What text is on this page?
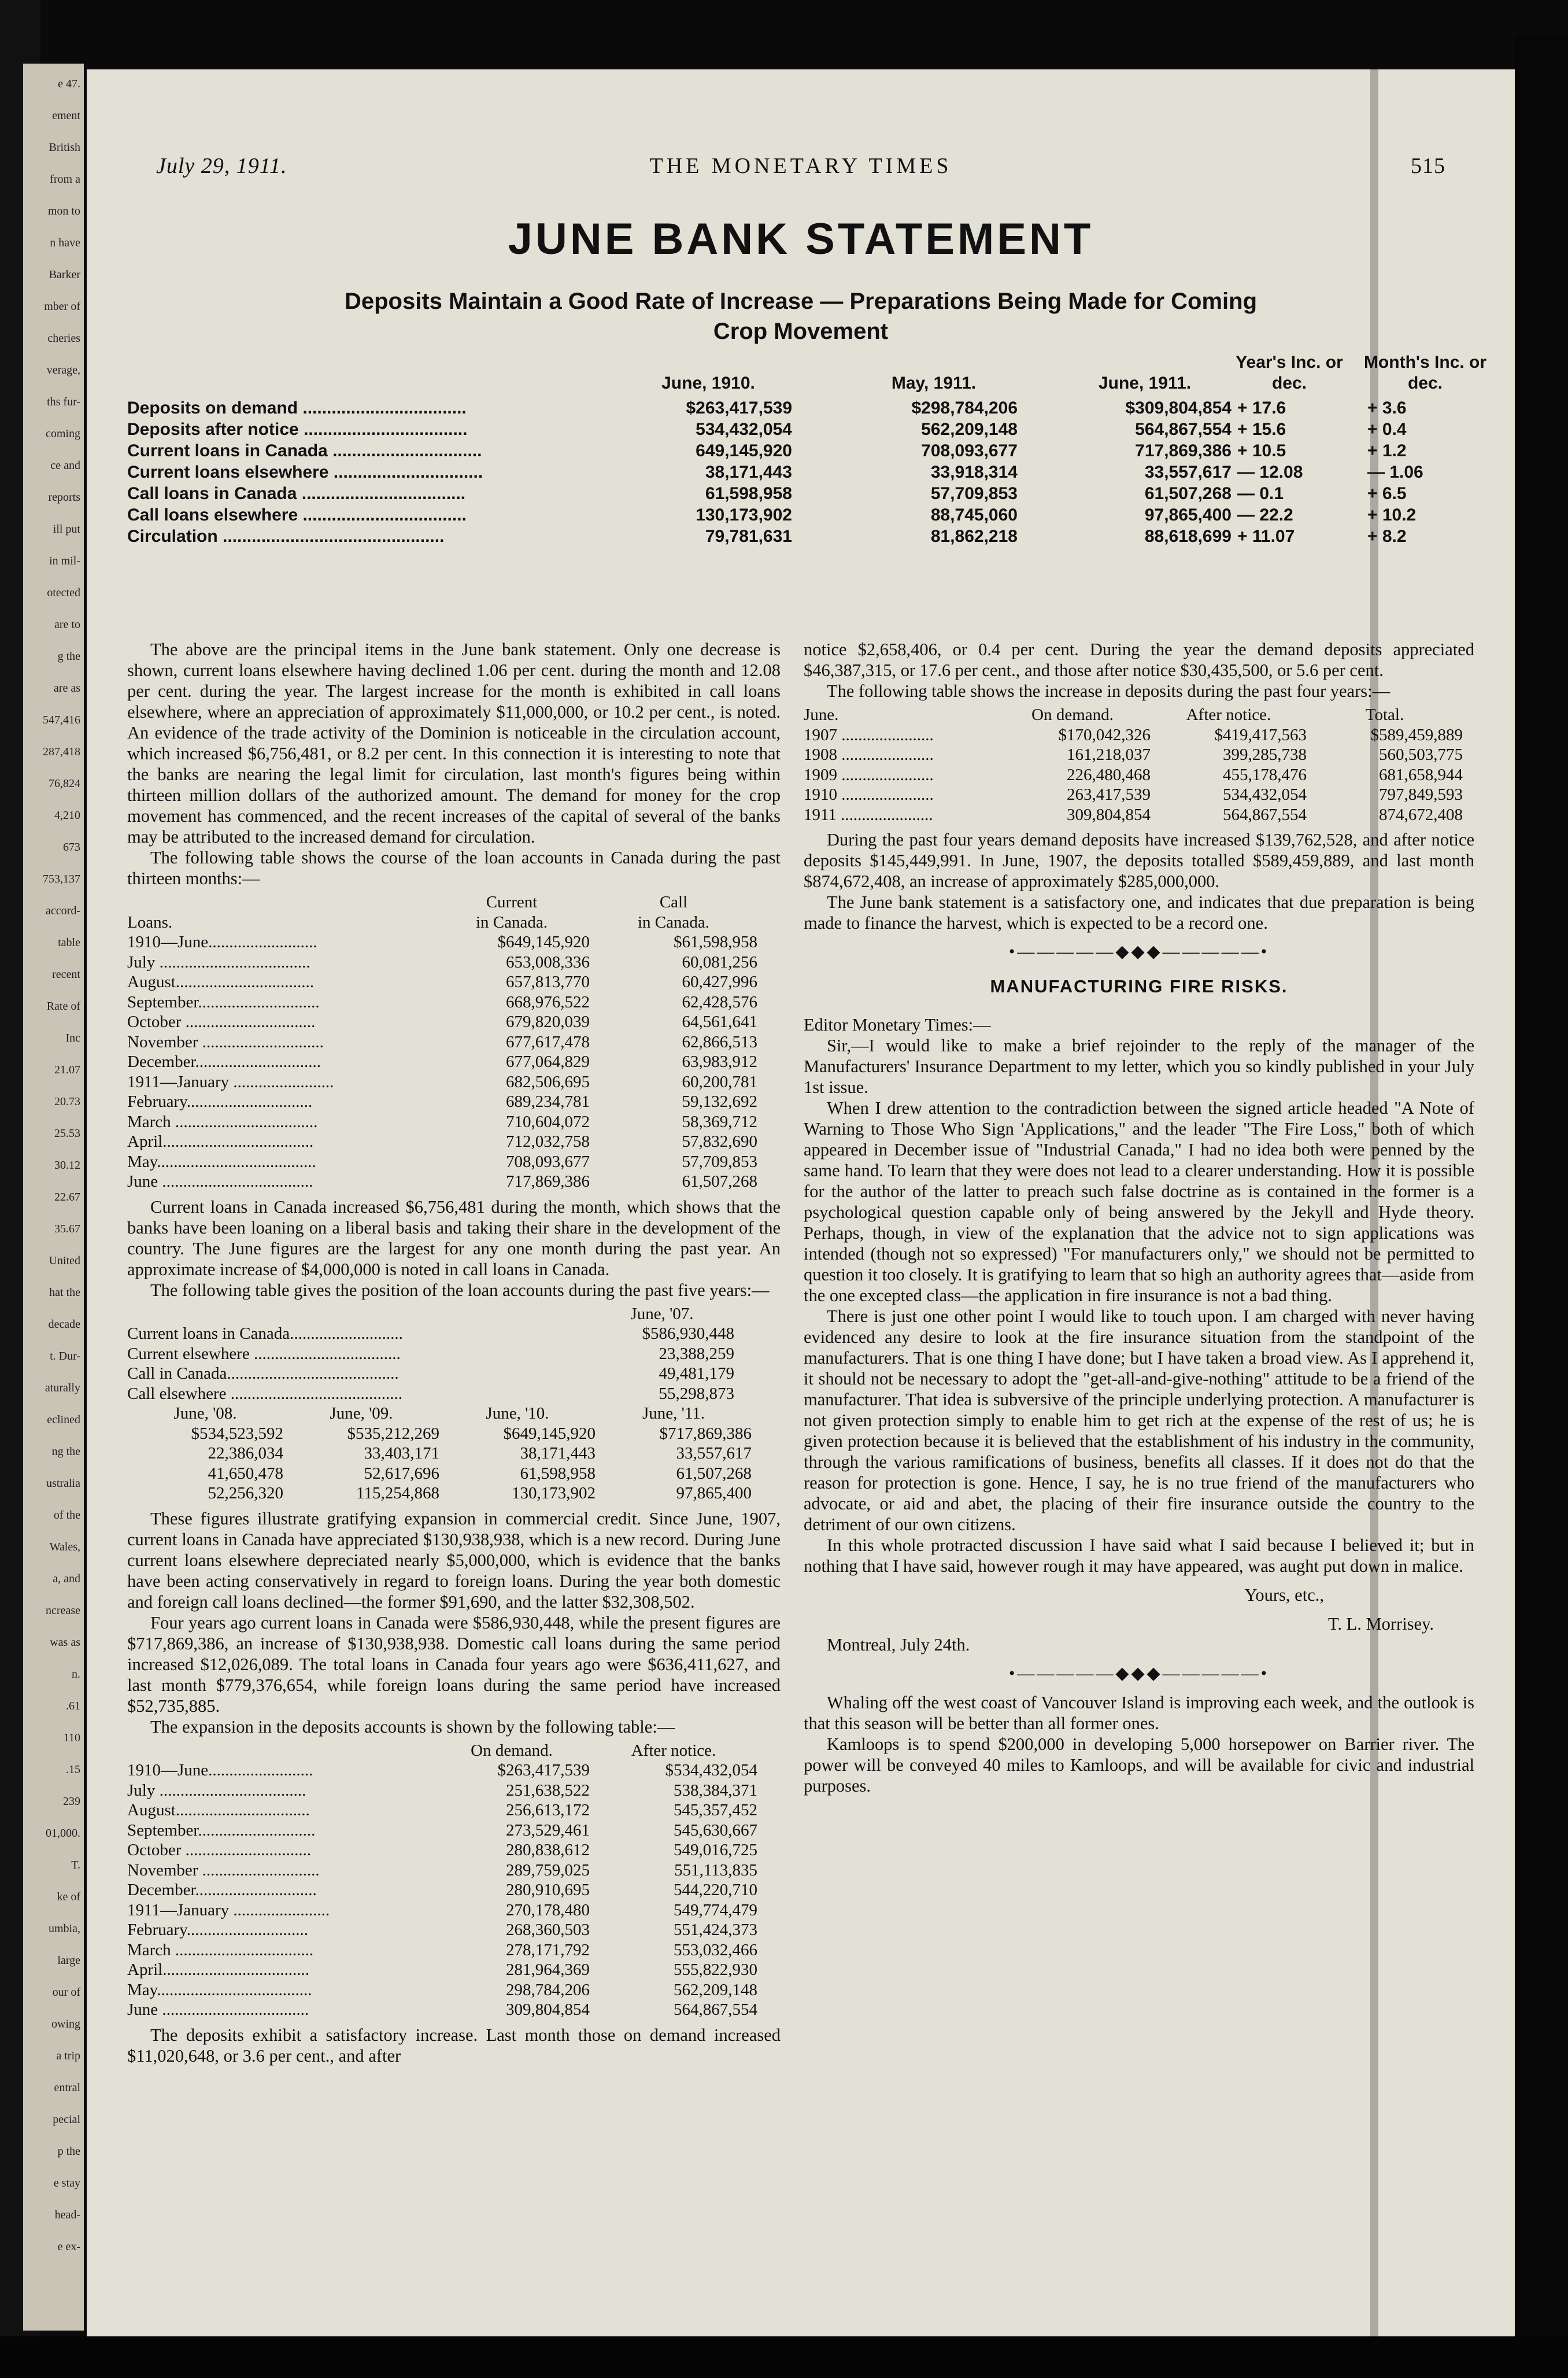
e 47.
ement
British
from a
mon to
n have
Barker
mber of
cheries
verage,
ths fur-
coming
ce and
reports
ill put
in mil-
otected
are to
g the
are as
547,416
287,418
76,824
4,210
673
753,137
accord-
table
recent
Rate of
Inc
21.07
20.73
25.53
30.12
22.67
35.67
United
hat the
decade
t. Dur-
aturally
eclined
ng the
ustralia
of the
Wales,
a, and
ncrease
was as
n.
.61
110
.15
239
01,000.
T.
ke of
umbia,
large
our of
owing
a trip
entral
pecial
p the
e stay
head-
e ex-
July 29, 1911.	THE MONETARY TIMES	515
JUNE BANK STATEMENT
Deposits Maintain a Good Rate of Increase — Preparations Being Made for Coming
Crop Movement
June, 1910.	May, 1911.	June, 1911.
Year's Inc. or dec.
Month's Inc. or dec.
Deposits on demand ..................................	$263,417,539	$298,784,206	$309,804,854 + 17.6	+ 3.6
Deposits after notice ..................................	534,432,054	562,209,148	564,867,554 + 15.6	+ 0.4
Current loans in Canada ...............................	649,145,920	708,093,677	717,869,386 + 10.5	+ 1.2
Current loans elsewhere ...............................	38,171,443	33,918,314	33,557,617 — 12.08	— 1.06
Call loans in Canada ..................................	61,598,958	57,709,853	61,507,268 — 0.1	+ 6.5
Call loans elsewhere ..................................	130,173,902	88,745,060	97,865,400 — 22.2	+ 10.2
Circulation ..............................................	79,781,631	81,862,218	88,618,699 + 11.07	+ 8.2

The above are the principal items in the June bank statement. Only one decrease is shown, current loans elsewhere having declined 1.06 per cent. during the month and 12.08 per cent. during the year. The largest increase for the month is exhibited in call loans elsewhere, where an appreciation of approximately $11,000,000, or 10.2 per cent., is noted. An evidence of the trade activity of the Dominion is noticeable in the circulation account, which increased $6,756,481, or 8.2 per cent. In this connection it is interesting to note that the banks are nearing the legal limit for circulation, last month's figures being within thirteen million dollars of the authorized amount. The demand for money for the crop movement has commenced, and the recent increases of the capital of several of the banks may be attributed to the increased demand for circulation.

The following table shows the course of the loan accounts in Canada during the past thirteen months:—

Current	Call
Loans.	in Canada.	in Canada.
1910—June..........................	$649,145,920	$61,598,958
July ....................................	653,008,336	60,081,256
August.................................	657,813,770	60,427,996
September.............................	668,976,522	62,428,576
October ...............................	679,820,039	64,561,641
November .............................	677,617,478	62,866,513
December..............................	677,064,829	63,983,912
1911—January ........................	682,506,695	60,200,781
February..............................	689,234,781	59,132,692
March ..................................	710,604,072	58,369,712
April....................................	712,032,758	57,832,690
May......................................	708,093,677	57,709,853
June ....................................	717,869,386	61,507,268

Current loans in Canada increased $6,756,481 during the month, which shows that the banks have been loaning on a liberal basis and taking their share in the development of the country. The June figures are the largest for any one month during the past year. An approximate increase of $4,000,000 is noted in call loans in Canada.

The following table gives the position of the loan accounts during the past five years:—

June, '07.
Current loans in Canada...........................	$586,930,448
Current elsewhere ...................................	23,388,259
Call in Canada.........................................	49,481,179
Call elsewhere .........................................	55,298,873
June, '08.	June, '09.	June, '10.	June, '11.
$534,523,592	$535,212,269	$649,145,920	$717,869,386
22,386,034	33,403,171	38,171,443	33,557,617
41,650,478	52,617,696	61,598,958	61,507,268
52,256,320	115,254,868	130,173,902	97,865,400

These figures illustrate gratifying expansion in commercial credit. Since June, 1907, current loans in Canada have appreciated $130,938,938, which is a new record. During June current loans elsewhere depreciated nearly $5,000,000, which is evidence that the banks have been acting conservatively in regard to foreign loans. During the year both domestic and foreign call loans declined—the former $91,690, and the latter $32,308,502.

Four years ago current loans in Canada were $586,930,448, while the present figures are $717,869,386, an increase of $130,938,938. Domestic call loans during the same period increased $12,026,089. The total loans in Canada four years ago were $636,411,627, and last month $779,376,654, while foreign loans during the same period have increased $52,735,885.

The expansion in the deposits accounts is shown by the following table:—

On demand.	After notice.
1910—June.........................	$263,417,539	$534,432,054
July ...................................	251,638,522	538,384,371
August................................	256,613,172	545,357,452
September............................	273,529,461	545,630,667
October ..............................	280,838,612	549,016,725
November ............................	289,759,025	551,113,835
December.............................	280,910,695	544,220,710
1911—January .......................	270,178,480	549,774,479
February.............................	268,360,503	551,424,373
March .................................	278,171,792	553,032,466
April...................................	281,964,369	555,822,930
May.....................................	298,784,206	562,209,148
June ...................................	309,804,854	564,867,554

The deposits exhibit a satisfactory increase. Last month those on demand increased $11,020,648, or 3.6 per cent., and after

notice $2,658,406, or 0.4 per cent. During the year the demand deposits appreciated $46,387,315, or 17.6 per cent., and those after notice $30,435,500, or 5.6 per cent.

The following table shows the increase in deposits during the past four years:—

June.	On demand.	After notice.	Total.
1907 ......................	$170,042,326	$419,417,563	$589,459,889
1908 ......................	161,218,037	399,285,738	560,503,775
1909 ......................	226,480,468	455,178,476	681,658,944
1910 ......................	263,417,539	534,432,054	797,849,593
1911 ......................	309,804,854	564,867,554	874,672,408

During the past four years demand deposits have increased $139,762,528, and after notice deposits $145,449,991. In June, 1907, the deposits totalled $589,459,889, and last month $874,672,408, an increase of approximately $285,000,000.

The June bank statement is a satisfactory one, and indicates that due preparation is being made to finance the harvest, which is expected to be a record one.

•—————◆◆◆—————•
MANUFACTURING FIRE RISKS.

Editor Monetary Times:—

Sir,—I would like to make a brief rejoinder to the reply of the manager of the Manufacturers' Insurance Department to my letter, which you so kindly published in your July 1st issue.

When I drew attention to the contradiction between the signed article headed "A Note of Warning to Those Who Sign 'Applications," and the leader "The Fire Loss," both of which appeared in December issue of "Industrial Canada," I had no idea both were penned by the same hand. To learn that they were does not lead to a clearer understanding. How it is possible for the author of the latter to preach such false doctrine as is contained in the former is a psychological question capable only of being answered by the Jekyll and Hyde theory. Perhaps, though, in view of the explanation that the advice not to sign applications was intended (though not so expressed) "For manufacturers only," we should not be permitted to question it too closely. It is gratifying to learn that so high an authority agrees that—aside from the one excepted class—the application in fire insurance is not a bad thing.

There is just one other point I would like to touch upon. I am charged with never having evidenced any desire to look at the fire insurance situation from the standpoint of the manufacturers. That is one thing I have done; but I have taken a broad view. As I apprehend it, it should not be necessary to adopt the "get-all-and-give-nothing" attitude to be a friend of the manufacturer. That idea is subversive of the principle underlying protection. A manufacturer is not given protection simply to enable him to get rich at the expense of the rest of us; he is given protection because it is believed that the establishment of his industry in the community, through the various ramifications of business, benefits all classes. If it does not do that the reason for protection is gone. Hence, I say, he is no true friend of the manufacturers who advocate, or aid and abet, the placing of their fire insurance outside the country to the detriment of our own citizens.

In this whole protracted discussion I have said what I said because I believed it; but in nothing that I have said, however rough it may have appeared, was aught put down in malice.

Yours, etc.,
T. L. Morrisey.

Montreal, July 24th.

•—————◆◆◆—————•

Whaling off the west coast of Vancouver Island is improving each week, and the outlook is that this season will be better than all former ones.

Kamloops is to spend $200,000 in developing 5,000 horsepower on Barrier river. The power will be conveyed 40 miles to Kamloops, and will be available for civic and industrial purposes.
